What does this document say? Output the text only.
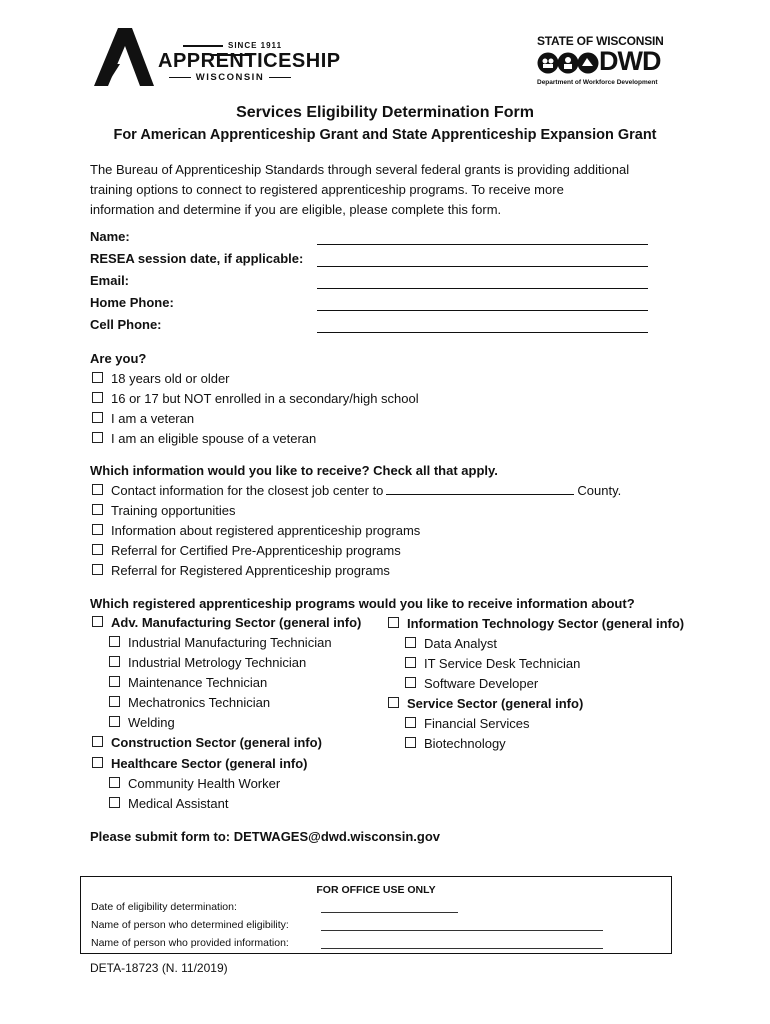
SINCE 1911
APPRENTICESHIP
WISCONSIN
STATE OF WISCONSIN
DWD
Department of Workforce Development
Services Eligibility Determination Form
For American Apprenticeship Grant and State Apprenticeship Expansion Grant
The Bureau of Apprenticeship Standards through several federal grants is providing additional
training options to connect to registered apprenticeship programs. To receive more
information and determine if you are eligible, please complete this form.
Name:
RESEA session date, if applicable:
Email:
Home Phone:
Cell Phone:
Are you?
18 years old or older
16 or 17 but NOT enrolled in a secondary/high school
I am a veteran
I am an eligible spouse of a veteran
Which information would you like to receive? Check all that apply.
Contact information for the closest job center to	County.
Training opportunities
Information about registered apprenticeship programs
Referral for Certified Pre-Apprenticeship programs
Referral for Registered Apprenticeship programs
Which registered apprenticeship programs would you like to receive information about?
Adv. Manufacturing Sector (general info)
Industrial Manufacturing Technician
Industrial Metrology Technician
Maintenance Technician
Mechatronics Technician
Welding
Construction Sector (general info)
Healthcare Sector (general info)
Community Health Worker
Medical Assistant
Information Technology Sector (general info)
Data Analyst
IT Service Desk Technician
Software Developer
Service Sector (general info)
Financial Services
Biotechnology
Please submit form to: DETWAGES@dwd.wisconsin.gov
FOR OFFICE USE ONLY
Date of eligibility determination:
Name of person who determined eligibility:
Name of person who provided information:
DETA-18723 (N. 11/2019)
